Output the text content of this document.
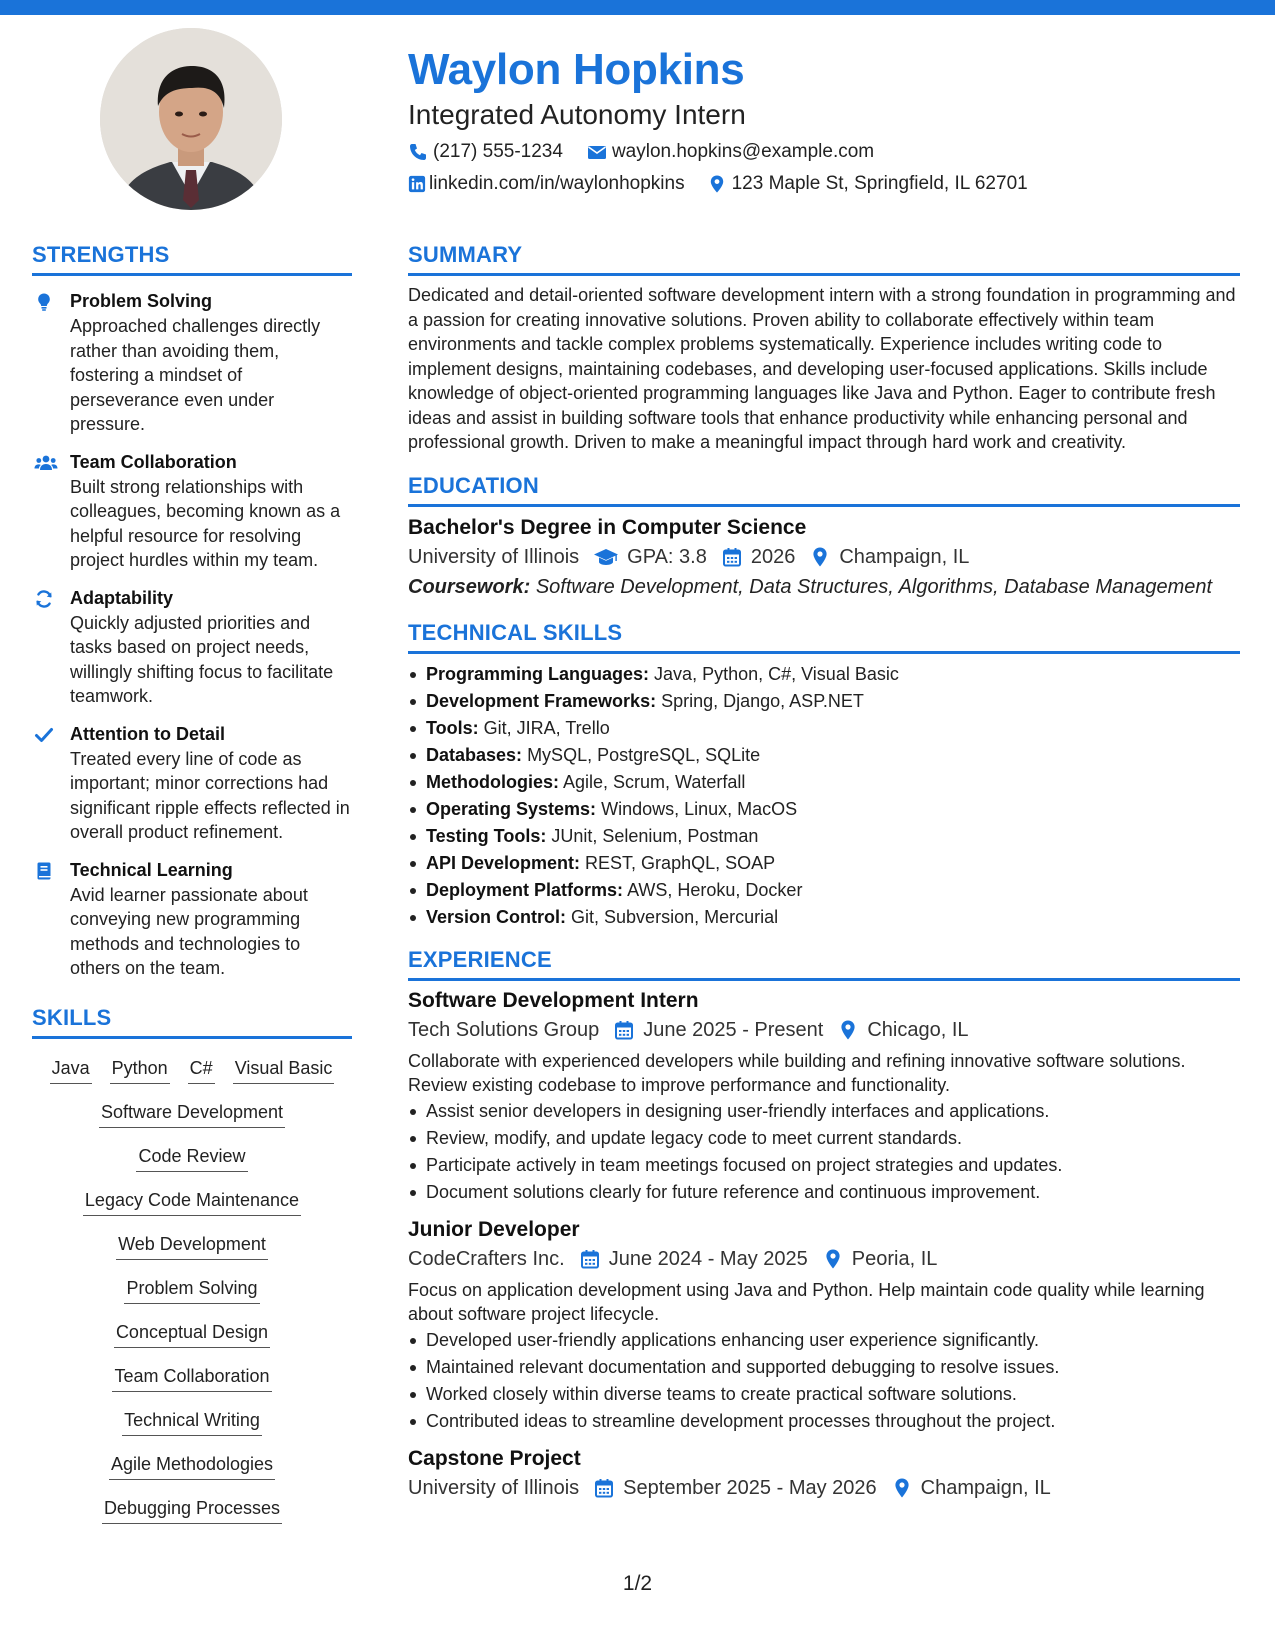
Waylon Hopkins
Integrated Autonomy Intern
(217) 555-1234	waylon.hopkins@example.com
linkedin.com/in/waylonhopkins 123 Maple St, Springfield, IL 62701
STRENGTHS
Problem Solving
Approached challenges directly rather than avoiding them, fostering a mindset of perseverance even under pressure.
Team Collaboration
Built strong relationships with colleagues, becoming known as a helpful resource for resolving project hurdles within my team.
Adaptability
Quickly adjusted priorities and tasks based on project needs, willingly shifting focus to facilitate teamwork.
Attention to Detail
Treated every line of code as important; minor corrections had significant ripple effects reflected in overall product refinement.
Technical Learning
Avid learner passionate about conveying new programming methods and technologies to others on the team.
SKILLS
Java Python C# Visual Basic
Software Development
Code Review
Legacy Code Maintenance
Web Development
Problem Solving
Conceptual Design
Team Collaboration
Technical Writing
Agile Methodologies
Debugging Processes
SUMMARY
Dedicated and detail-oriented software development intern with a strong foundation in programming and a passion for creating innovative solutions. Proven ability to collaborate effectively within team environments and tackle complex problems systematically. Experience includes writing code to implement designs, maintaining codebases, and developing user-focused applications. Skills include knowledge of object-oriented programming languages like Java and Python. Eager to contribute fresh ideas and assist in building software tools that enhance productivity while enhancing personal and professional growth. Driven to make a meaningful impact through hard work and creativity.
EDUCATION
Bachelor's Degree in Computer Science
University of Illinois GPA: 3.8 2026 Champaign, IL
Coursework: Software Development, Data Structures, Algorithms, Database Management
TECHNICAL SKILLS
Programming Languages: Java, Python, C#, Visual Basic
Development Frameworks: Spring, Django, ASP.NET
Tools: Git, JIRA, Trello
Databases: MySQL, PostgreSQL, SQLite
Methodologies: Agile, Scrum, Waterfall
Operating Systems: Windows, Linux, MacOS
Testing Tools: JUnit, Selenium, Postman
API Development: REST, GraphQL, SOAP
Deployment Platforms: AWS, Heroku, Docker
Version Control: Git, Subversion, Mercurial
EXPERIENCE
Software Development Intern
Tech Solutions Group June 2025 - Present Chicago, IL
Collaborate with experienced developers while building and refining innovative software solutions. Review existing codebase to improve performance and functionality.
Assist senior developers in designing user-friendly interfaces and applications.
Review, modify, and update legacy code to meet current standards.
Participate actively in team meetings focused on project strategies and updates.
Document solutions clearly for future reference and continuous improvement.
Junior Developer
CodeCrafters Inc. June 2024 - May 2025 Peoria, IL
Focus on application development using Java and Python. Help maintain code quality while learning about software project lifecycle.
Developed user-friendly applications enhancing user experience significantly.
Maintained relevant documentation and supported debugging to resolve issues.
Worked closely within diverse teams to create practical software solutions.
Contributed ideas to streamline development processes throughout the project.
Capstone Project
University of Illinois September 2025 - May 2026 Champaign, IL
1/2
